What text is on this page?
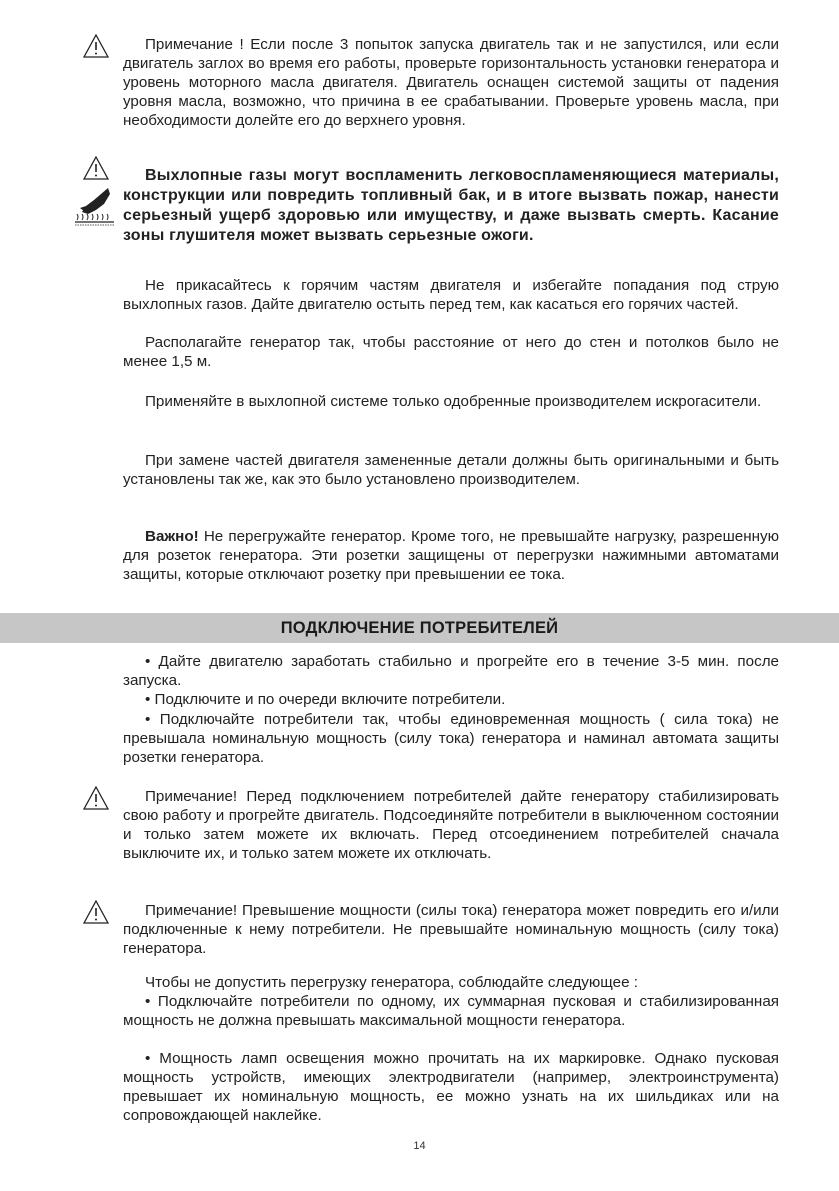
Примечание ! Если после 3 попыток запуска двигатель так и не запустился, или если двигатель заглох во время его работы, проверьте горизонтальность установки генератора и уровень моторного масла двигателя. Двигатель оснащен системой защиты от падения уровня масла, возможно, что причина в ее срабатывании. Проверьте уровень масла, при необходимости долейте его до верхнего уровня.

Выхлопные газы могут воспламенить легковоспламеняющиеся материалы, конструкции или повредить топливный бак, и в итоге вызвать пожар, нанести серьезный ущерб здоровью или имуществу, и даже вызвать смерть. Касание зоны глушителя может вызвать серьезные ожоги.

Не прикасайтесь к горячим частям двигателя и избегайте попадания под струю выхлопных газов. Дайте двигателю остыть перед тем, как касаться его горячих частей.

Располагайте генератор так, чтобы расстояние от него до стен и потолков было не менее 1,5 м.

Применяйте в выхлопной системе только одобренные производителем искрогасители.

При замене частей двигателя замененные детали должны быть оригинальными и быть установлены так же, как это было установлено производителем.

Важно! Не перегружайте генератор. Кроме того, не превышайте нагрузку, разрешенную для розеток генератора. Эти розетки защищены от перегрузки нажимными автоматами защиты, которые отключают розетку при превышении ее тока.

ПОДКЛЮЧЕНИЕ ПОТРЕБИТЕЛЕЙ

• Дайте двигателю заработать стабильно и прогрейте его в течение 3-5 мин. после запуска.

• Подключите и по очереди включите потребители.

• Подключайте потребители так, чтобы единовременная мощность ( сила тока) не превышала номинальную мощность (силу тока) генератора и наминал автомата защиты розетки генератора.

Примечание! Перед подключением потребителей дайте генератору стабилизировать свою работу и прогрейте двигатель. Подсоединяйте потребители в выключенном состоянии и только затем можете их включать. Перед отсоединением потребителей сначала выключите их, и только затем можете их отключать.

Примечание! Превышение мощности (силы тока) генератора может повредить его и/или подключенные к нему потребители. Не превышайте номинальную мощность (силу тока) генератора.

Чтобы не допустить перегрузку генератора, соблюдайте следующее :

• Подключайте потребители по одному, их суммарная пусковая и стабилизированная мощность не должна превышать максимальной мощности генератора.

• Мощность ламп освещения можно прочитать на их маркировке. Однако пусковая мощность устройств, имеющих электродвигатели (например, электроинструмента) превышает их номинальную мощность, ее можно узнать на их шильдиках или на сопровождающей наклейке.

14
